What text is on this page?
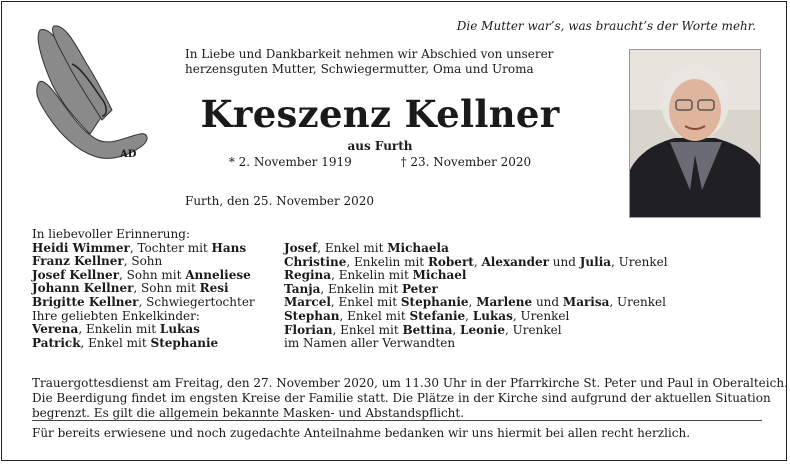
Die Mutter war’s, was braucht’s der Worte mehr.
AD
In Liebe und Dankbarkeit nehmen wir Abschied von unserer
herzensguten Mutter, Schwiegermutter, Oma und Uroma
Kreszenz Kellner
aus Furth
* 2. November 1919	† 23. November 2020
Furth, den 25. November 2020
In liebevoller Erinnerung:
Heidi Wimmer, Tochter mit Hans
Franz Kellner, Sohn
Josef Kellner, Sohn mit Anneliese
Johann Kellner, Sohn mit Resi
Brigitte Kellner, Schwiegertochter
Ihre geliebten Enkelkinder:
Verena, Enkelin mit Lukas
Patrick, Enkel mit Stephanie
Josef, Enkel mit Michaela
Christine, Enkelin mit Robert, Alexander und Julia, Urenkel
Regina, Enkelin mit Michael
Tanja, Enkelin mit Peter
Marcel, Enkel mit Stephanie, Marlene und Marisa, Urenkel
Stephan, Enkel mit Stefanie, Lukas, Urenkel
Florian, Enkel mit Bettina, Leonie, Urenkel
im Namen aller Verwandten
Trauergottesdienst am Freitag, den 27. November 2020, um 11.30 Uhr in der Pfarrkirche St. Peter und Paul in Oberalteich.
Die Beerdigung findet im engsten Kreise der Familie statt. Die Plätze in der Kirche sind aufgrund der aktuellen Situation
begrenzt. Es gilt die allgemein bekannte Masken- und Abstandspflicht.
Für bereits erwiesene und noch zugedachte Anteilnahme bedanken wir uns hiermit bei allen recht herzlich.
